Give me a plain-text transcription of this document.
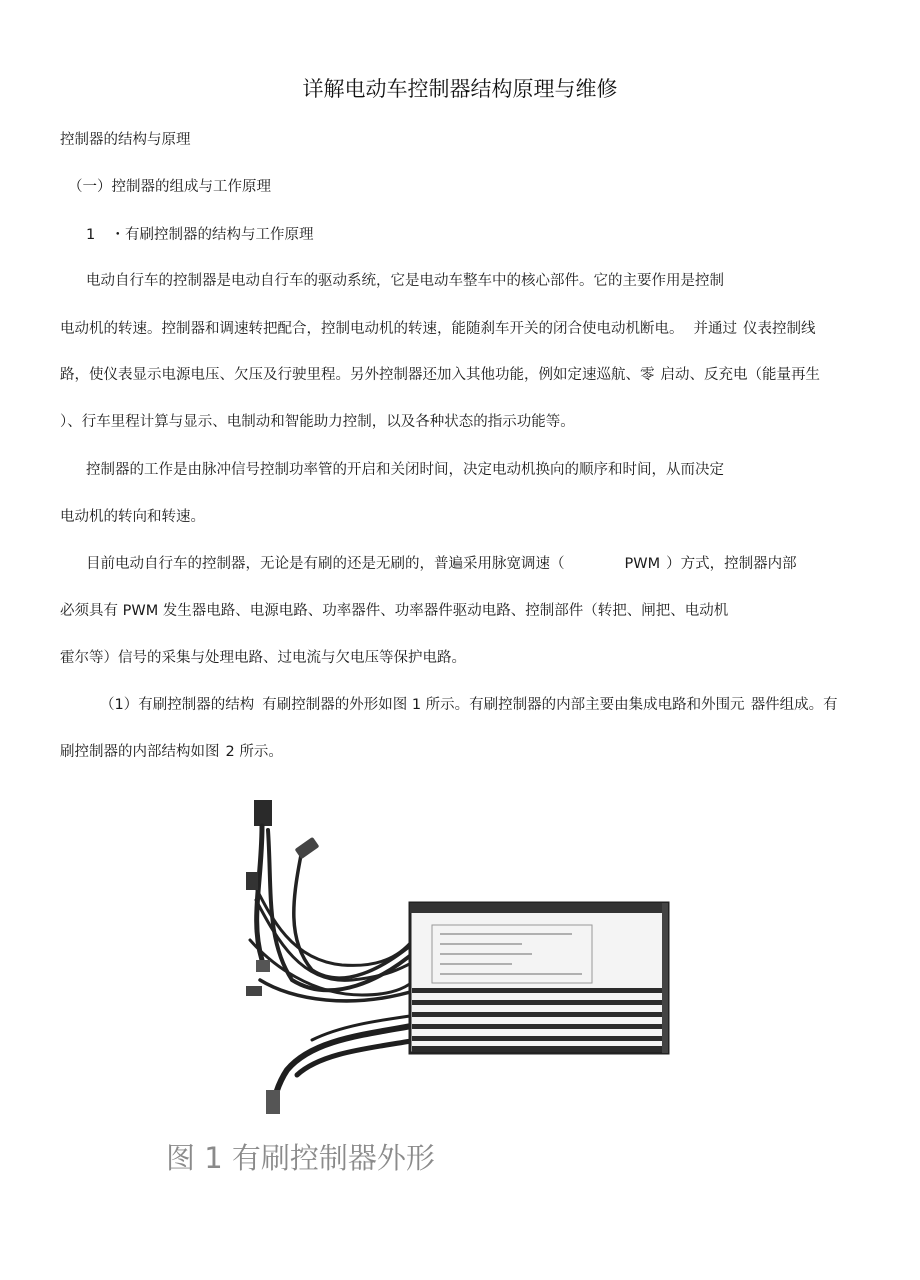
详解电动车控制器结构原理与维修
控制器的结构与原理
（一）控制器的组成与工作原理
1 ・有刷控制器的结构与工作原理
电动自行车的控制器是电动自行车的驱动系统，它是电动车整车中的核心部件。它的主要作用是控制
电动机的转速。控制器和调速转把配合，控制电动机的转速，能随刹车开关的闭合使电动机断电。 并通过 仪表控制线
路，使仪表显示电源电压、欠压及行驶里程。另外控制器还加入其他功能，例如定速巡航、零 启动、反充电（能量再生
）、行车里程计算与显示、电制动和智能助力控制，以及各种状态的指示功能等。
控制器的工作是由脉冲信号控制功率管的开启和关闭时间，决定电动机换向的顺序和时间，从而决定
电动机的转向和转速。
目前电动自行车的控制器，无论是有刷的还是无刷的，普遍采用脉宽调速（	PWM ）方式，控制器内部
必须具有 PWM 发生器电路、电源电路、功率器件、功率器件驱动电路、控制部件（转把、闸把、电动机
霍尔等）信号的采集与处理电路、过电流与欠电压等保护电路。
（1）有刷控制器的结构 有刷控制器的外形如图 1 所示。有刷控制器的内部主要由集成电路和外围元 器件组成。有
刷控制器的内部结构如图 2 所示。
图 1 有刷控制器外形
